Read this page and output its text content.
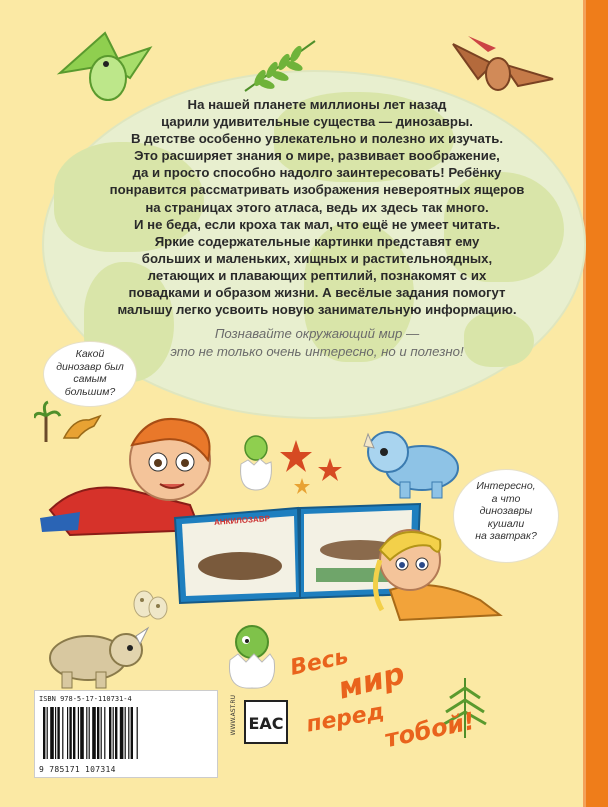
На нашей планете миллионы лет назад
царили удивительные существа — динозавры.
В детстве особенно увлекательно и полезно их изучать.
Это расширяет знания о мире, развивает воображение,
да и просто способно надолго заинтересовать! Ребёнку
понравится рассматривать изображения невероятных ящеров
на страницах этого атласа, ведь их здесь так много.
И не беда, если кроха так мал, что ещё не умеет читать.
Яркие содержательные картинки представят ему
больших и маленьких, хищных и растительноядных,
летающих и плавающих рептилий, познакомят с их
повадками и образом жизни. А весёлые задания помогут
малышу легко усвоить новую занимательную информацию.
Познавайте окружающий мир —
это не только очень интересно, но и полезно!
Какой
динозавр был
самым
большим?
Интересно,
а что
динозавры
кушали
на завтрак?
АНКИЛОЗАВР
Весь
мир
перед
тобой!
ISBN 978-5-17-110731-4
9 785171 107314
WWW.AST.RU ЕАС
